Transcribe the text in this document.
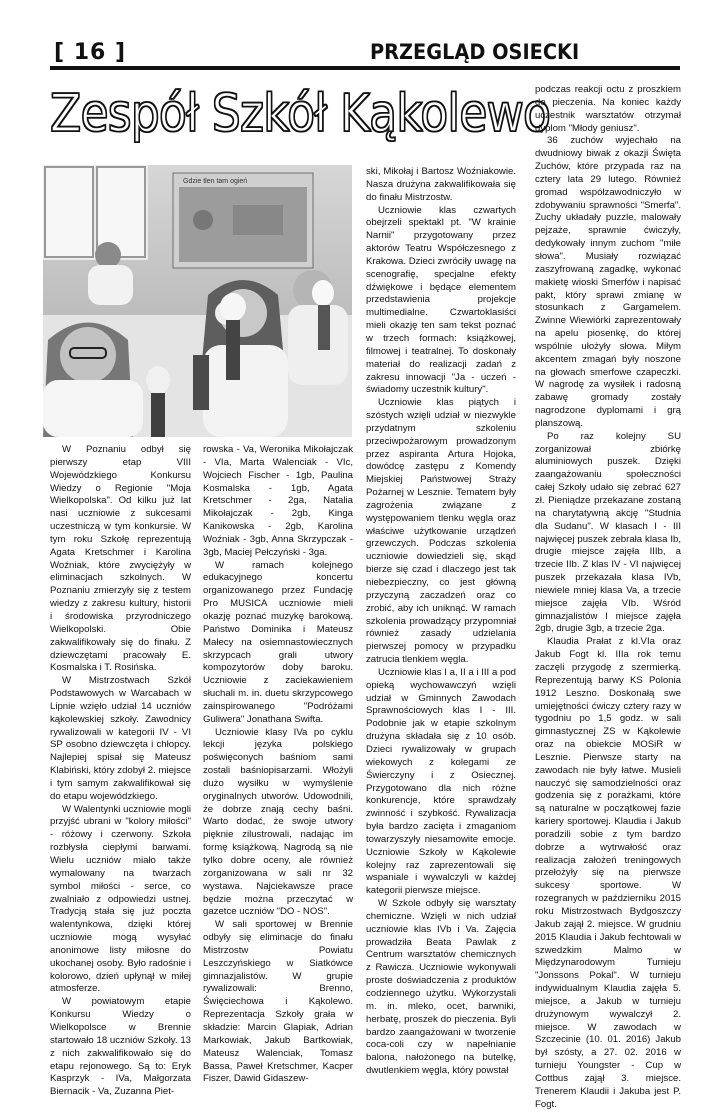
[ 16 ]	PRZEGLĄD OSIECKI
Zespół Szkół Kąkolewo
Gdzie tlen tam ogień

W Poznaniu odbył się pierwszy etap VIII Wojewódzkiego Konkursu Wiedzy o Regionie "Moja Wielkopolska". Od kilku już lat nasi uczniowie z sukcesami uczestniczą w tym konkursie. W tym roku Szkołę reprezentują Agata Kretschmer i Karolina Woźniak, które zwyciężyły w eliminacjach szkolnych. W Poznaniu zmierzyły się z testem wiedzy z zakresu kultury, historii i środowiska przyrodniczego Wielkopolski. Obie zakwalifikowały się do finału. Z dziewczętami pracowały E. Kosmalska i T. Rosińska.

W Mistrzostwach Szkół Podstawowych w Warcabach w Lipnie wzięło udział 14 uczniów kąkolewskiej szkoły. Zawodnicy rywalizowali w kategorii IV - VI SP osobno dziewczęta i chłopcy. Najlepiej spisał się Mateusz Klabiński, który zdobył 2. miejsce i tym samym zakwalifikował się do etapu wojewódzkiego.

W Walentynki uczniowie mogli przyjść ubrani w "kolory miłości" - różowy i czerwony. Szkoła rozbłysła ciepłymi barwami. Wielu uczniów miało także wymalowany na twarzach symbol miłości - serce, co zwalniało z odpowiedzi ustnej. Tradycją stała się już poczta walentynkowa, dzięki której uczniowie mogą wysyłać anonimowe listy miłosne do ukochanej osoby. Było radośnie i kolorowo, dzień upłynął w miłej atmosferze.

W powiatowym etapie Konkursu Wiedzy o Wielkopolsce w Brennie startowało 18 uczniów Szkoły. 13 z nich zakwalifikowało się do etapu rejonowego. Są to: Eryk Kasprzyk - IVa, Małgorzata Biernacik - Va, Zuzanna Piet-

rowska - Va, Weronika Mikołajczak - VIa, Marta Walenciak - VIc, Wojciech Fischer - 1gb, Paulina Kosmalska - 1gb, Agata Kretschmer - 2ga, Natalia Mikołajczak - 2gb, Kinga Kanikowska - 2gb, Karolina Woźniak - 3gb, Anna Skrzypczak - 3gb, Maciej Pełczyński - 3ga.

W ramach kolejnego edukacyjnego koncertu organizowanego przez Fundację Pro MUSICA uczniowie mieli okazję poznać muzykę barokową. Państwo Dominika i Mateusz Małecy na osiemnastowiecznych skrzypcach grali utwory kompozytorów doby baroku. Uczniowie z zaciekawieniem słuchali m. in. duetu skrzypcowego zainspirowanego "Podróżami Guliwera" Jonathana Swifta.

Uczniowie klasy IVa po cyklu lekcji języka polskiego poświęconych baśniom sami zostali baśniopisarzami. Włożyli dużo wysiłku w wymyślenie oryginalnych utworów. Udowodnili, że dobrze znają cechy baśni. Warto dodać, że swoje utwory pięknie zilustrowali, nadając im formę książkową. Nagrodą są nie tylko dobre oceny, ale również zorganizowana w sali nr 32 wystawa. Najciekawsze prace będzie można przeczytać w gazetce uczniów "DO - NOS".

W sali sportowej w Brennie odbyły się eliminacje do finału Mistrzostw Powiatu Leszczyńskiego w Siatkówce gimnazjalistów. W grupie rywalizowali: Brenno, Święciechowa i Kąkolewo. Reprezentacja Szkoły grała w składzie: Marcin Glapiak, Adrian Markowiak, Jakub Bartkowiak, Mateusz Walenciak, Tomasz Bassa, Paweł Kretschmer, Kacper Fiszer, Dawid Gidaszew-

ski, Mikołaj i Bartosz Woźniakowie. Nasza drużyna zakwalifikowała się do finału Mistrzostw.

Uczniowie klas czwartych obejrzeli spektakl pt. "W krainie Narnii" przygotowany przez aktorów Teatru Współczesnego z Krakowa. Dzieci zwróciły uwagę na scenografię, specjalne efekty dźwiękowe i będące elementem przedstawienia projekcje multimedialne. Czwartoklasiści mieli okazję ten sam tekst poznać w trzech formach: książkowej, filmowej i teatralnej. To doskonały materiał do realizacji zadań z zakresu innowacji "Ja - uczeń - świadomy uczestnik kultury".

Uczniowie klas piątych i szóstych wzięli udział w niezwykle przydatnym szkoleniu przeciwpożarowym prowadzonym przez aspiranta Artura Hojoka, dowódcę zastępu z Komendy Miejskiej Państwowej Straży Pożarnej w Lesznie. Tematem były zagrożenia związane z występowaniem tlenku węgla oraz właściwe użytkowanie urządzeń grzewczych. Podczas szkolenia uczniowie dowiedzieli się, skąd bierze się czad i dlaczego jest tak niebezpieczny, co jest główną przyczyną zaczadzeń oraz co zrobić, aby ich uniknąć. W ramach szkolenia prowadzący przypomniał również zasady udzielania pierwszej pomocy w przypadku zatrucia tlenkiem węgla.

Uczniowie klas I a, II a i III a pod opieką wychowawczyń wzięli udział w Gminnych Zawodach Sprawnościowych klas I - III. Podobnie jak w etapie szkolnym drużyna składała się z 10 osób. Dzieci rywalizowały w grupach wiekowych z kolegami ze Świerczyny i z Osiecznej. Przygotowano dla nich różne konkurencje, które sprawdzały zwinność i szybkość. Rywalizacja była bardzo zacięta i zmaganiom towarzyszyły niesamowite emocje. Uczniowie Szkoły w Kąkolewie kolejny raz zaprezentowali się wspaniale i wywalczyli w każdej kategorii pierwsze miejsce.

W Szkole odbyły się warsztaty chemiczne. Wzięli w nich udział uczniowie klas IVb i Va. Zajęcia prowadziła Beata Pawlak z Centrum warsztatów chemicznych z Rawicza. Uczniowie wykonywali proste doświadczenia z produktów codziennego użytku. Wykorzystali m. in. mleko, ocet, barwniki, herbatę, proszek do pieczenia. Byli bardzo zaangażowani w tworzenie coca-coli czy w napełnianie balona, nałożonego na butelkę, dwutlenkiem węgla, który powstał

podczas reakcji octu z proszkiem do pieczenia. Na koniec każdy uczestnik warsztatów otrzymał dyplom "Młody geniusz".

36 zuchów wyjechało na dwudniowy biwak z okazji Święta Zuchów, które przypada raz na cztery lata 29 lutego. Również gromad współzawodniczyło w zdobywaniu sprawności "Smerfa". Zuchy układały puzzle, malowały pejzaże, sprawnie ćwiczyły, dedykowały innym zuchom "miłe słowa". Musiały rozwiązać zaszyfrowaną zagadkę, wykonać makietę wioski Smerfów i napisać pakt, który sprawi zmianę w stosunkach z Gargamelem. Zwinne Wiewiórki zaprezentowały na apelu piosenkę, do której wspólnie ułożyły słowa. Miłym akcentem zmagań były noszone na głowach smerfowe czapeczki. W nagrodę za wysiłek i radosną zabawę gromady zostały nagrodzone dyplomami i grą planszową.

Po raz kolejny SU zorganizował zbiórkę aluminiowych puszek. Dzięki zaangażowaniu społeczności całej Szkoły udało się zebrać 627 zł. Pieniądze przekazane zostaną na charytatywną akcję "Studnia dla Sudanu". W klasach I - III najwięcej puszek zebrała klasa Ib, drugie miejsce zajęła IIIb, a trzecie IIb. Z klas IV - VI najwięcej puszek przekazała klasa IVb, niewiele mniej klasa Va, a trzecie miejsce zajęła VIb. Wśród gimnazjalistów I miejsce zajęła 2gb, drugie 3gb, a trzecie 2ga.

Klaudia Prałat z kl.VIa oraz Jakub Fogt kl. IIIa rok temu zaczęli przygodę z szermierką. Reprezentują barwy KS Polonia 1912 Leszno. Doskonałą swe umiejętności ćwiczy cztery razy w tygodniu po 1,5 godz. w sali gimnastycznej ZS w Kąkolewie oraz na obiekcie MOSiR w Lesznie. Pierwsze starty na zawodach nie były łatwe. Musieli nauczyć się samodzielności oraz godzenia się z porażkami, które są naturalne w początkowej fazie kariery sportowej. Klaudia i Jakub poradzili sobie z tym bardzo dobrze a wytrwałość oraz realizacja założeń treningowych przełożyły się na pierwsze sukcesy sportowe. W rozegranych w październiku 2015 roku Mistrzostwach Bydgoszczy Jakub zajął 2. miejsce. W grudniu 2015 Klaudia i Jakub fechtowali w szwedzkim Malmo w Międzynarodowym Turnieju "Jonssons Pokal". W turnieju indywidualnym Klaudia zajęła 5. miejsce, a Jakub w turnieju drużynowym wywalczył 2. miejsce. W zawodach w Szczecinie (10. 01. 2016) Jakub był szósty, a 27. 02. 2016 w turnieju Youngster - Cup w Cottbus zajął 3. miejsce. Trenerem Klaudii i Jakuba jest P. Fogt.
